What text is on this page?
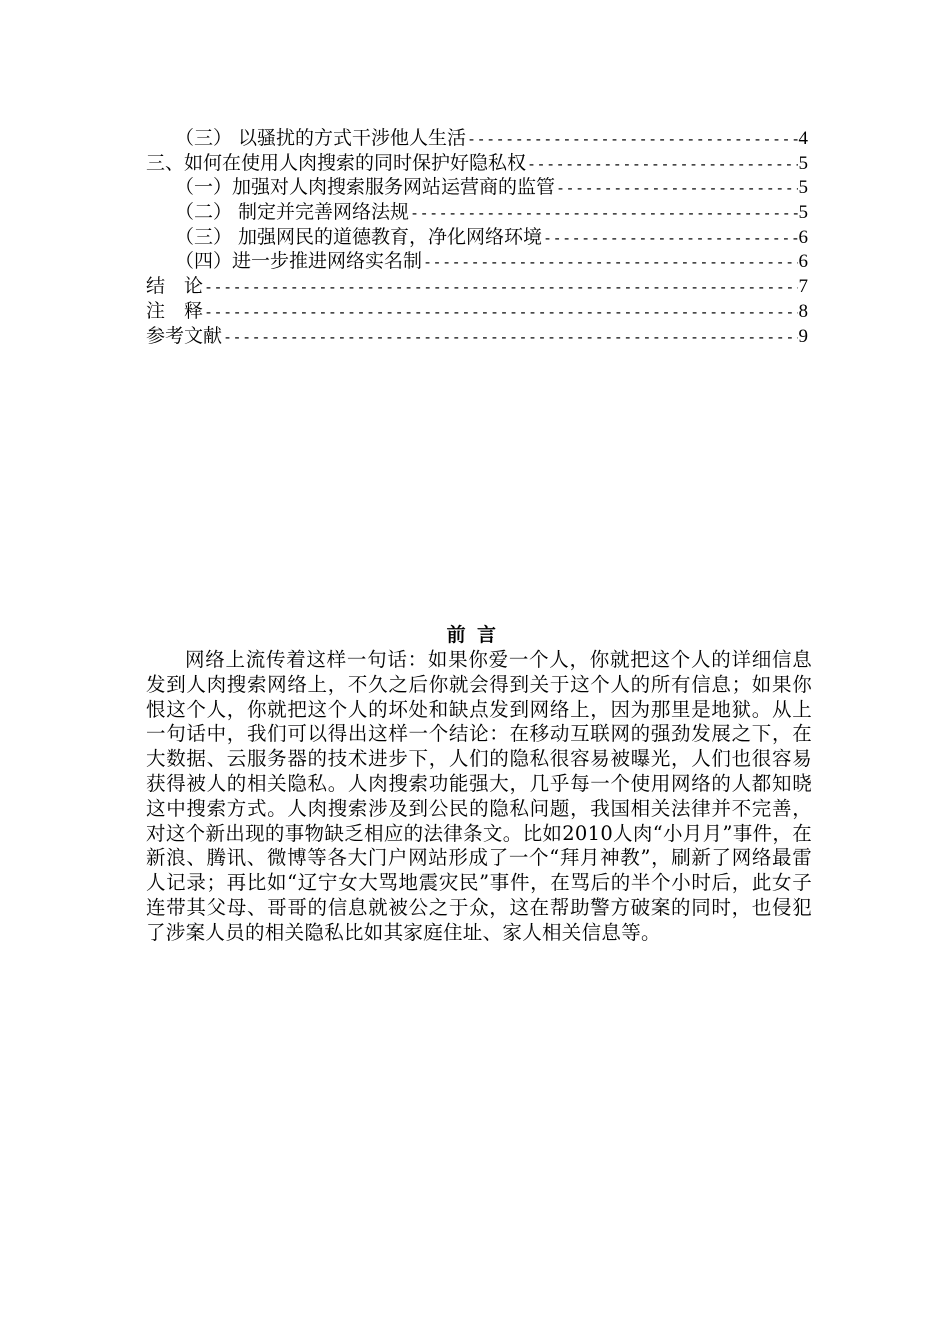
（三） 以骚扰的方式干涉他人生活 -----	4
三、如何在使用人肉搜索的同时保护好隐私权 -----	5
（一）加强对人肉搜索服务网站运营商的监管 -----	5
（二） 制定并完善网络法规 -----	5
（三） 加强网民的道德教育，净化网络环境 -----	6
（四）进一步推进网络实名制 -----	6
结　论 -----	7
注　释 -----	8
参考文献 -----	9
前言

网络上流传着这样一句话：如果你爱一个人，你就把这个人的详细信息发到人肉搜索网络上，不久之后你就会得到关于这个人的所有信息；如果你恨这个人，你就把这个人的坏处和缺点发到网络上，因为那里是地狱。从上一句话中，我们可以得出这样一个结论：在移动互联网的强劲发展之下，在大数据、云服务器的技术进步下，人们的隐私很容易被曝光，人们也很容易获得被人的相关隐私。人肉搜索功能强大，几乎每一个使用网络的人都知晓这中搜索方式。人肉搜索涉及到公民的隐私问题，我国相关法律并不完善，对这个新出现的事物缺乏相应的法律条文。比如2010人肉“小月月”事件，在新浪、腾讯、微博等各大门户网站形成了一个“拜月神教”，刷新了网络最雷人记录；再比如“辽宁女大骂地震灾民”事件，在骂后的半个小时后，此女子连带其父母、哥哥的信息就被公之于众，这在帮助警方破案的同时，也侵犯了涉案人员的相关隐私比如其家庭住址、家人相关信息等。
